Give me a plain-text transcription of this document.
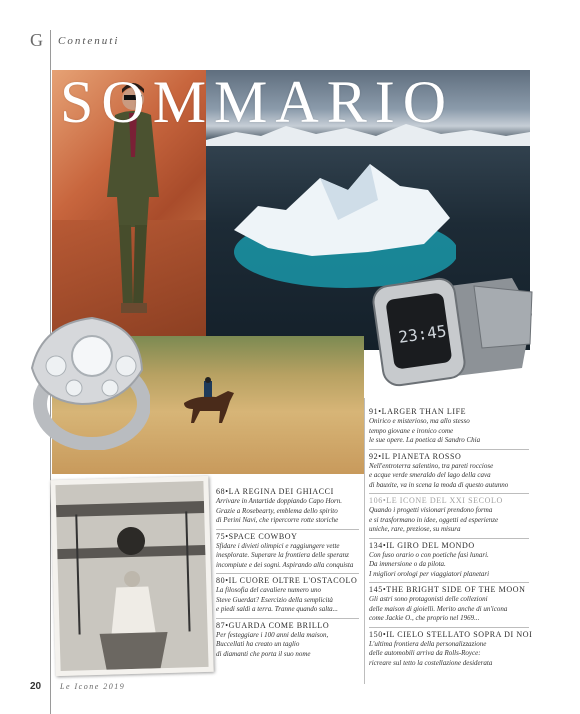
G Contenuti
23:45
SOMMARIO
68•LA REGINA DEI GHIACCI
Arrivare in Antartide doppiando Capo Horn.
Grazie a Rosebearty, emblema dello spirito
di Perini Navi, che ripercorre rotte storiche
75•SPACE COWBOY
Sfidare i divieti olimpici e raggiungere vette
inesplorate. Superare la frontiera delle speranz
incompiute e dei sogni. Aspirando alla conquista
80•IL CUORE OLTRE L'OSTACOLO
La filosofia del cavaliere numero uno
Steve Guerdat? Esercizio della semplicità
e piedi saldi a terra. Tranne quando salta...
87•GUARDA COME BRILLO
Per festeggiare i 100 anni della maison,
Buccellati ha creato un taglio
di diamanti che porta il suo nome
91•LARGER THAN LIFE
Onirico e misterioso, ma allo stesso
tempo giovane e ironico come
le sue opere. La poetica di Sandro Chia
92•IL PIANETA ROSSO
Nell'entroterra salentino, tra pareti rocciose
e acque verde smeraldo del lago della cava
di bauxite, va in scena la moda di questo autunno
106•LE ICONE DEL XXI SECOLO
Quando i progetti visionari prendono forma
e si trasformano in idee, oggetti ed esperienze
uniche, rare, preziose, su misura
134•IL GIRO DEL MONDO
Con fuso orario o con poetiche fasi lunari.
Da immersione o da pilota.
I migliori orologi per viaggiatori planetari
145•THE BRIGHT SIDE OF THE MOON
Gli astri sono protagonisti delle collezioni
delle maison di gioielli. Merito anche di un'icona
come Jackie O., che proprio nel 1969...
150•IL CIELO STELLATO SOPRA DI NOI
L'ultima frontiera della personalizzazione
delle automobili arriva da Rolls-Royce:
ricreare sul tetto la costellazione desiderata
20 Le Icone 2019
